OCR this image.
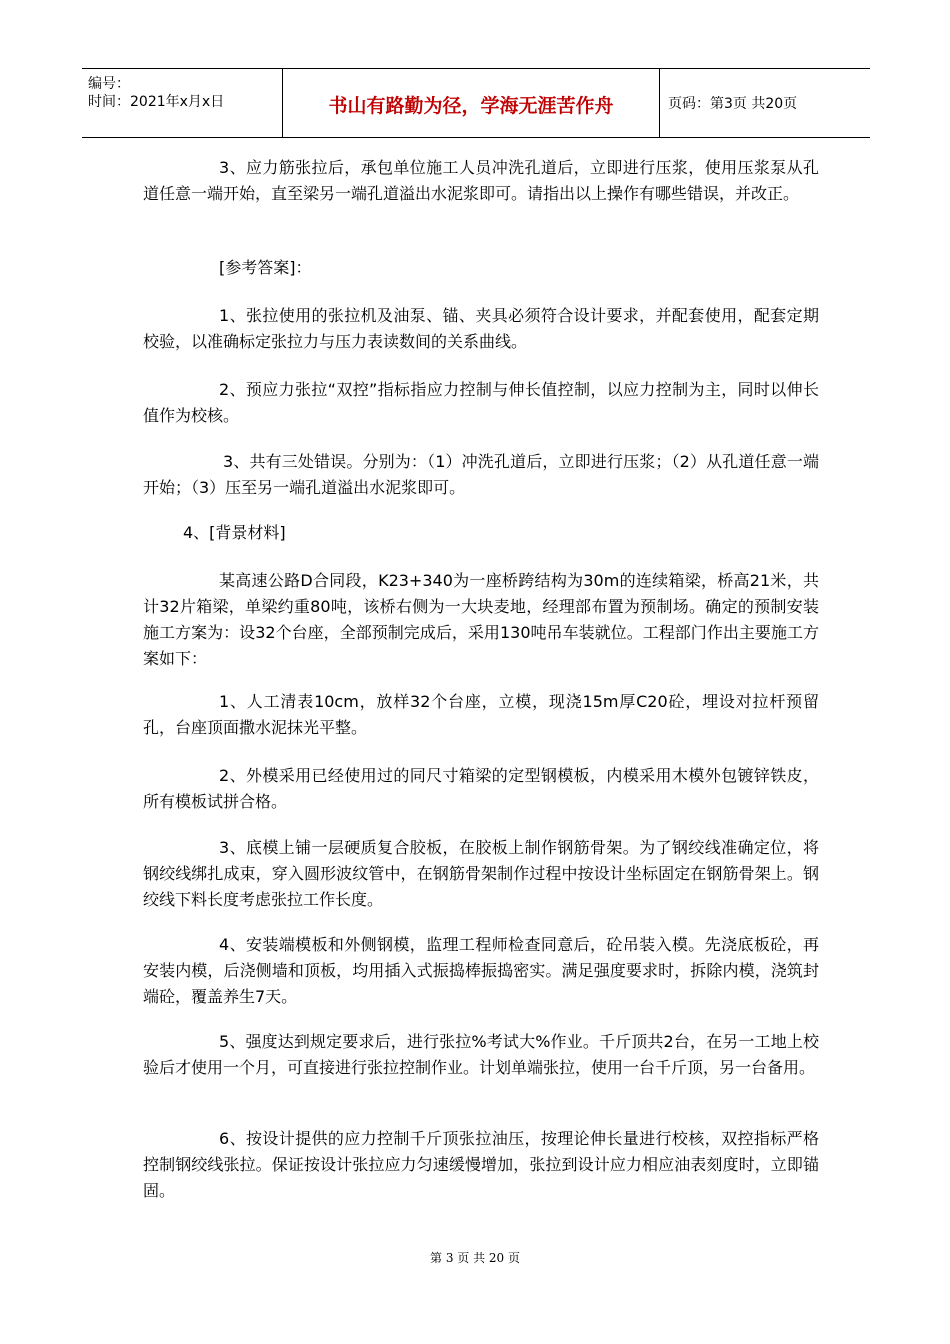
编号：
时间：2021年x月x日	书山有路勤为径，学海无涯苦作舟	页码：第3页 共20页

3、应力筋张拉后，承包单位施工人员冲洗孔道后，立即进行压浆，使用压浆泵从孔道任意一端开始，直至梁另一端孔道溢出水泥浆即可。请指出以上操作有哪些错误，并改正。

[参考答案]：

1、张拉使用的张拉机及油泵、锚、夹具必须符合设计要求，并配套使用，配套定期校验，以准确标定张拉力与压力表读数间的关系曲线。

2、预应力张拉“双控”指标指应力控制与伸长值控制，以应力控制为主，同时以伸长值作为校核。

3、共有三处错误。分别为：（1）冲洗孔道后，立即进行压浆；（2）从孔道任意一端开始；（3）压至另一端孔道溢出水泥浆即可。

4、[背景材料]

某高速公路D合同段，K23+340为一座桥跨结构为30m的连续箱梁，桥高21米，共计32片箱梁，单梁约重80吨，该桥右侧为一大块麦地，经理部布置为预制场。确定的预制安装施工方案为：设32个台座，全部预制完成后，采用130吨吊车装就位。工程部门作出主要施工方案如下：

1、人工清表10cm，放样32个台座，立模，现浇15m厚C20砼，埋设对拉杆预留孔，台座顶面撒水泥抹光平整。

2、外模采用已经使用过的同尺寸箱梁的定型钢模板，内模采用木模外包镀锌铁皮，所有模板试拼合格。

3、底模上铺一层硬质复合胶板，在胶板上制作钢筋骨架。为了钢绞线准确定位，将钢绞线绑扎成束，穿入圆形波纹管中，在钢筋骨架制作过程中按设计坐标固定在钢筋骨架上。钢绞线下料长度考虑张拉工作长度。

4、安装端模板和外侧钢模，监理工程师检查同意后，砼吊装入模。先浇底板砼，再安装内模，后浇侧墙和顶板，均用插入式振捣棒振捣密实。满足强度要求时，拆除内模，浇筑封端砼，覆盖养生7天。

5、强度达到规定要求后，进行张拉%考试大%作业。千斤顶共2台，在另一工地上校验后才使用一个月，可直接进行张拉控制作业。计划单端张拉，使用一台千斤顶，另一台备用。

6、按设计提供的应力控制千斤顶张拉油压，按理论伸长量进行校核，双控指标严格控制钢绞线张拉。保证按设计张拉应力匀速缓慢增加，张拉到设计应力相应油表刻度时，立即锚固。

第 3 页 共 20 页
